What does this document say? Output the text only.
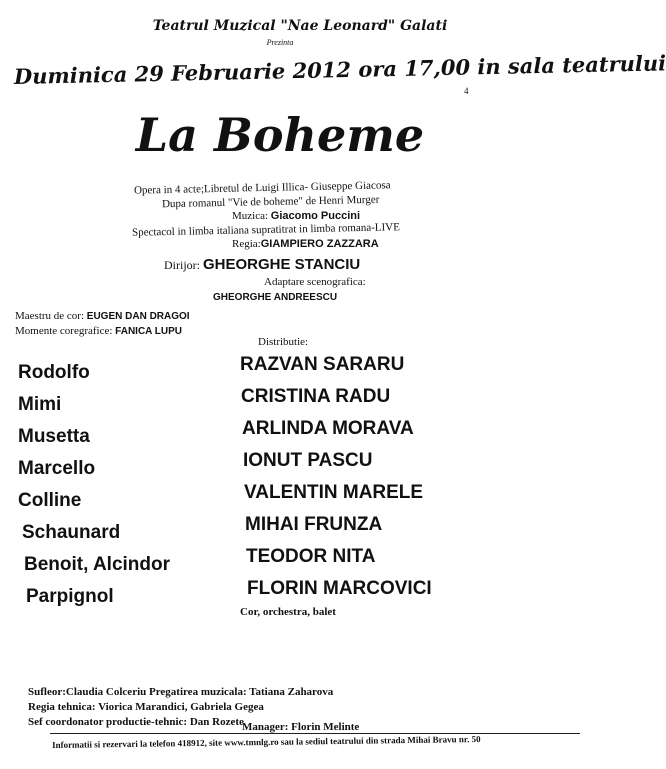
Teatrul Muzical "Nae Leonard" Galati
Prezinta
Duminica 29 Februarie 2012 ora 17,00 in sala teatrului
4
La Boheme
Opera in 4 acte;Libretul de Luigi Illica- Giuseppe Giacosa
Dupa romanul "Vie de boheme" de Henri Murger
Muzica: Giacomo Puccini
Spectacol in limba italiana supratitrat in limba romana-LIVE
Regia:GIAMPIERO ZAZZARA
Dirijor: GHEORGHE STANCIU
Adaptare scenografica:
GHEORGHE ANDREESCU
Maestru de cor: EUGEN DAN DRAGOI
Momente coregrafice: FANICA LUPU
Distributie:
Rodolfo
Mimi
Musetta
Marcello
Colline
Schaunard
Benoit, Alcindor
Parpignol
RAZVAN SARARU
CRISTINA RADU
ARLINDA MORAVA
IONUT PASCU
VALENTIN MARELE
MIHAI FRUNZA
TEODOR NITA
FLORIN MARCOVICI
Cor, orchestra, balet
Sufleor:Claudia Colceriu Pregatirea muzicala: Tatiana Zaharova
Regia tehnica: Viorica Marandici, Gabriela Gegea
Sef coordonator productie-tehnic: Dan Rozete
Manager: Florin Melinte
Informatii si rezervari la telefon 418912, site www.tmnlg.ro sau la sediul teatrului din strada Mihai Bravu nr. 50
